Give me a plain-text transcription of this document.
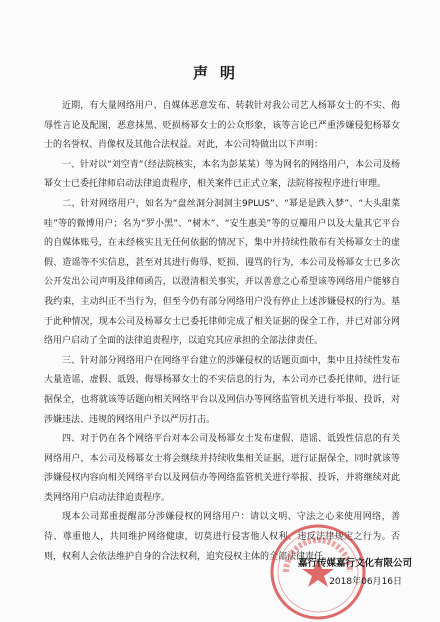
声明

近期，有大量网络用户、自媒体恶意发布、转载针对我公司艺人杨幂女士的不实、侮辱性言论及配图，恶意抹黑、贬损杨幂女士的公众形象，该等言论已严重涉嫌侵犯杨幂女士的名誉权、肖像权及其他合法权益。对此，本公司特做出以下声明：

一、针对以“刘空青”（经法院核实，本名为彭某某）等为网名的网络用户，本公司及杨幂女士已委托律师启动法律追责程序，相关案件已正式立案，法院将按程序进行审理。

二、针对网络用户，如名为“盘丝洞分洞洞主9PLUS”、“幂是是跌入梦”、“大头甜菜哇”等的微博用户；名为“罗小黑”、“树木”、“安生惠美”等的豆瓣用户以及大量其它平台的自媒体账号，在未经核实且无任何依据的情况下，集中并持续性散布有关杨幂女士的虚假、造谣等不实信息，甚至对其进行侮辱、贬损、谩骂的行为，本公司及杨幂女士已多次公开发出公司声明及律师函告，以澄清相关事实，并以善意之心希望该等网络用户能够自我约束，主动纠正不当行为，但至今仍有部分网络用户没有停止上述涉嫌侵权的行为。基于此种情况，现本公司及杨幂女士已委托律师完成了相关证据的保全工作，并已对部分网络用户启动了全面的法律追责程序，以追究其应承担的全部法律责任。

三、针对部分网络用户在网络平台建立的涉嫌侵权的话题页面中，集中且持续性发布大量造谣、虚假、诋毁、侮辱杨幂女士的不实信息的行为，本公司亦已委托律师，进行证据保全，也将就该等话题向相关网络平台以及网信办等网络监管机关进行举报、投诉，对涉嫌违法、违规的网络用户予以严厉打击。

四、对于仍在各个网络平台对本公司及杨幂女士发布虚假、造谣、诋毁性信息的有关网络用户，本公司及杨幂女士将会继续并持续收集相关证据，进行证据保全，同时就该等涉嫌侵权内容向相关网络平台以及网信办等网络监管机关进行举报、投诉，并将继续对此类网络用户启动法律追责程序。

现本公司郑重提醒部分涉嫌侵权的网络用户：请以文明、守法之心来使用网络，善待、尊重他人，共同维护网络健康，切莫进行侵害他人权利、违反法律规定之行为。否则，权利人会依法维护自身的合法权利，追究侵权主体的全部法律责任。

嘉行传媒嘉行文化有限公司
2018年06月16日
